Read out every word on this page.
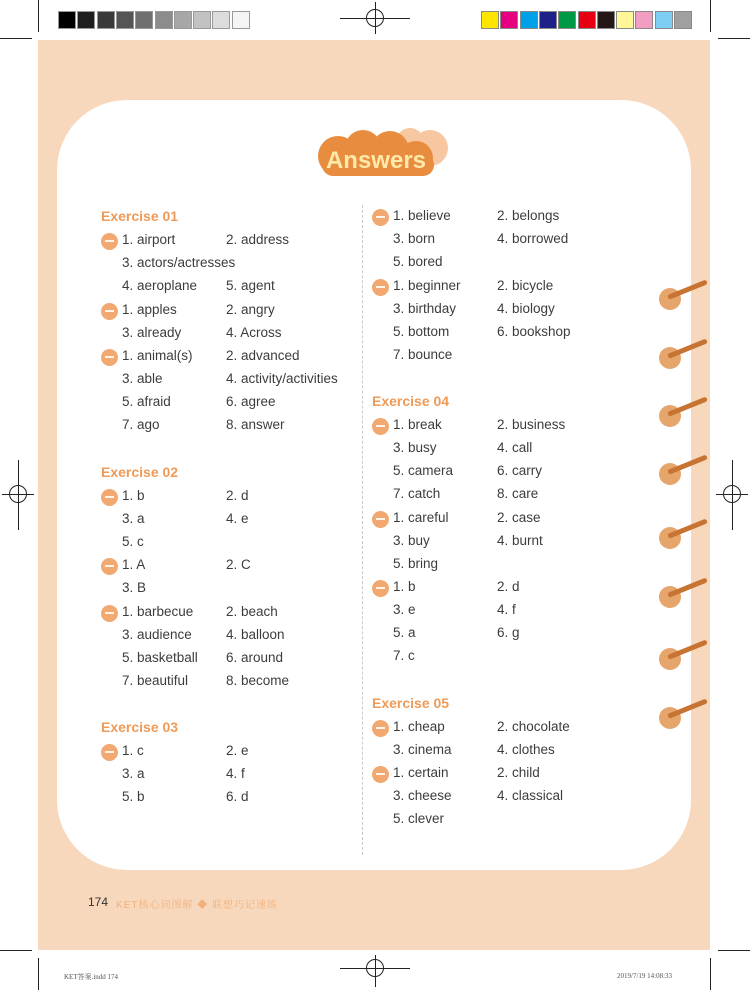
Answers
Exercise 01
1. airport	2. address
3. actors/actresses
4. aeroplane 5. agent
1. apples	2. angry
3. already	4. Across
1. animal(s) 2. advanced
3. able	4. activity/activities
5. afraid	6. agree
7. ago	8. answer
Exercise 02
1. b	2. d
3. a	4. e
5. c
1. A	2. C
3. B
1. barbecue 2. beach
3. audience	4. balloon
5. basketball 6. around
7. beautiful	8. become
Exercise 03
1. c	2. e
3. a	4. f
5. b	6. d
1. believe	2. belongs
3. born	4. borrowed
5. bored
1. beginner	2. bicycle
3. birthday	4. biology
5. bottom	6. bookshop
7. bounce
Exercise 04
1. break	2. business
3. busy	4. call
5. camera	6. carry
7. catch	8. care
1. careful	2. case
3. buy	4. burnt
5. bring
1. b	2. d
3. e	4. f
5. a	6. g
7. c
Exercise 05
1. cheap	2. chocolate
3. cinema	4. clothes
1. certain	2. child
3. cheese	4. classical
5. clever
174 KET核心词图解 ◆ 联想巧记速练
KET答案.indd 174	2019/7/19 14:08:33
